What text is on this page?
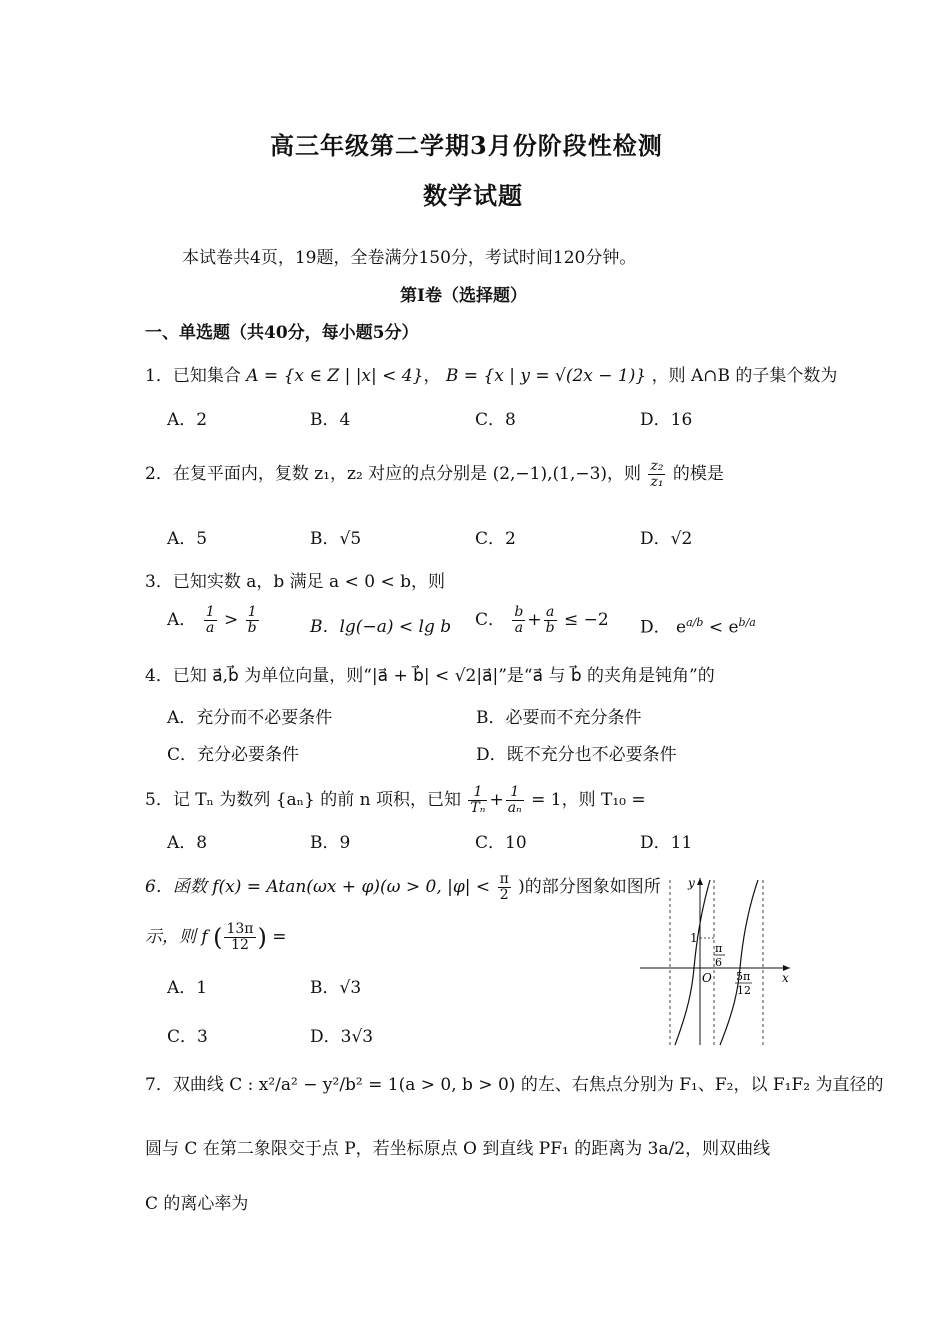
高三年级第二学期3月份阶段性检测
数学试题
本试卷共4页，19题，全卷满分150分，考试时间120分钟。
第I卷（选择题）
一、单选题（共40分，每小题5分）
1．已知集合 A = {x ∈ Z | |x| < 4}， B = {x | y = √(2x − 1)} ，则 A∩B 的子集个数为
A．2	B．4	C．8	D．16
2．在复平面内，复数 z₁，z₂ 对应的点分别是 (2,−1),(1,−3)，则 $\frac{\text{z₂}}{\text{z₁}}$ 的模是
A．5	B．√5	C．2	D．√2
3．已知实数 a，b 满足 a < 0 < b，则
A． $\frac{1}{a} > \frac{1}{b}$	B．lg(−a) < lg b C． $\frac{b}{a} + \frac{a}{b} \le -2$ D． $e^{a/b} < e^{b/a}$
4．已知 a⃗,b⃗ 为单位向量，则“|a⃗ + b⃗| < √2|a⃗|”是“a⃗ 与 b⃗ 的夹角是钝角”的
A．充分而不必要条件	B．必要而不充分条件
C．充分必要条件	D．既不充分也不必要条件
5．记 Tₙ 为数列 {aₙ} 的前 n 项积，已知 $\frac{1}{\text{Tₙ}} + \frac{1}{\text{aₙ}} = 1$，则 T₁₀ =
A．8	B．9	C．10	D．11
6．函数 f(x) = Atan(ωx + φ)(ω > 0, $|\varphi| < \frac{\pi}{2}$ )的部分图象如图所
示，则 f ( $\frac{13\pi}{12}$ ) =
A．1	B．√3
C．3	D．3√3
y
x
O
1
π
6
5π
12
7．双曲线 C : x²/a² − y²/b² = 1(a > 0, b > 0) 的左、右焦点分别为 F₁、F₂，以 F₁F₂ 为直径的
圆与 C 在第二象限交于点 P，若坐标原点 O 到直线 PF₁ 的距离为 3a/2，则双曲线
C 的离心率为
